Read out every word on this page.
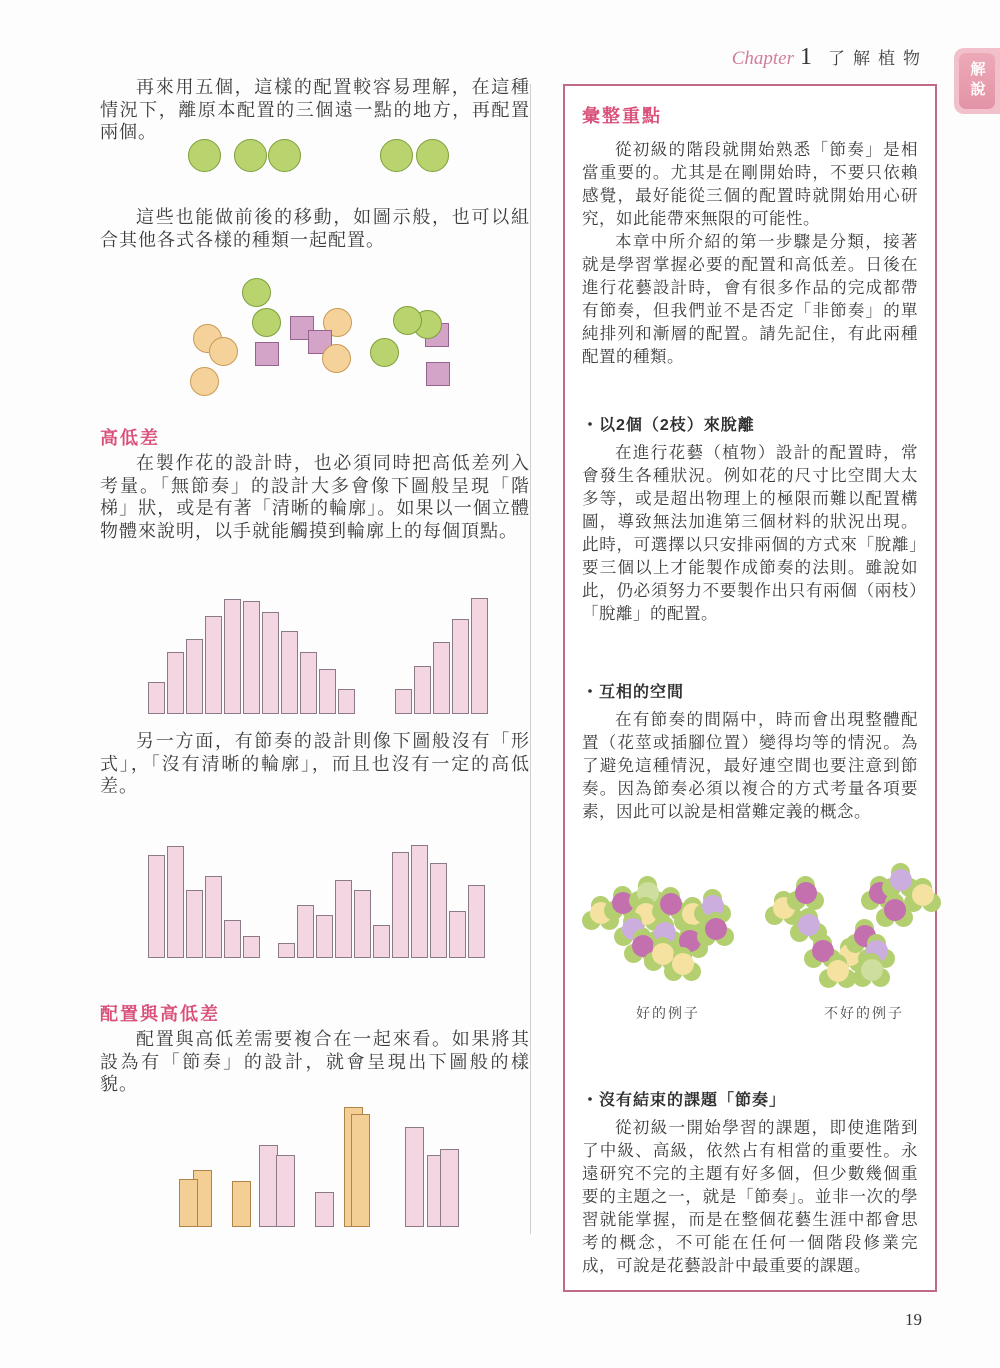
Chapter 1 了解植物
解說

再來用五個，這樣的配置較容易理解，在這種情況下，離原本配置的三個遠一點的地方，再配置兩個。

這些也能做前後的移動，如圖示般，也可以組合其他各式各樣的種類一起配置。

高低差

在製作花的設計時，也必須同時把高低差列入考量。「無節奏」的設計大多會像下圖般呈現「階梯」狀，或是有著「清晰的輪廓」。如果以一個立體物體來說明，以手就能觸摸到輪廓上的每個頂點。

另一方面，有節奏的設計則像下圖般沒有「形式」，「沒有清晰的輪廓」，而且也沒有一定的高低差。

配置與高低差

配置與高低差需要複合在一起來看。如果將其設為有「節奏」的設計，就會呈現出下圖般的樣貌。

彙整重點

從初級的階段就開始熟悉「節奏」是相當重要的。尤其是在剛開始時，不要只依賴感覺，最好能從三個的配置時就開始用心研究，如此能帶來無限的可能性。

本章中所介紹的第一步驟是分類，接著就是學習掌握必要的配置和高低差。日後在進行花藝設計時，會有很多作品的完成都帶有節奏，但我們並不是否定「非節奏」的單純排列和漸層的配置。請先記住，有此兩種配置的種類。

・以2個（2枝）來脫離

在進行花藝（植物）設計的配置時，常會發生各種狀況。例如花的尺寸比空間大太多等，或是超出物理上的極限而難以配置構圖，導致無法加進第三個材料的狀況出現。此時，可選擇以只安排兩個的方式來「脫離」要三個以上才能製作成節奏的法則。雖說如此，仍必須努力不要製作出只有兩個（兩枝）「脫離」的配置。

・互相的空間

在有節奏的間隔中，時而會出現整體配置（花莖或插腳位置）變得均等的情況。為了避免這種情況，最好連空間也要注意到節奏。因為節奏必須以複合的方式考量各項要素，因此可以說是相當難定義的概念。

好的例子	不好的例子
・沒有結束的課題「節奏」

從初級一開始學習的課題，即使進階到了中級、高級，依然占有相當的重要性。永遠研究不完的主題有好多個，但少數幾個重要的主題之一，就是「節奏」。並非一次的學習就能掌握，而是在整個花藝生涯中都會思考的概念，不可能在任何一個階段修業完成，可說是花藝設計中最重要的課題。

19
